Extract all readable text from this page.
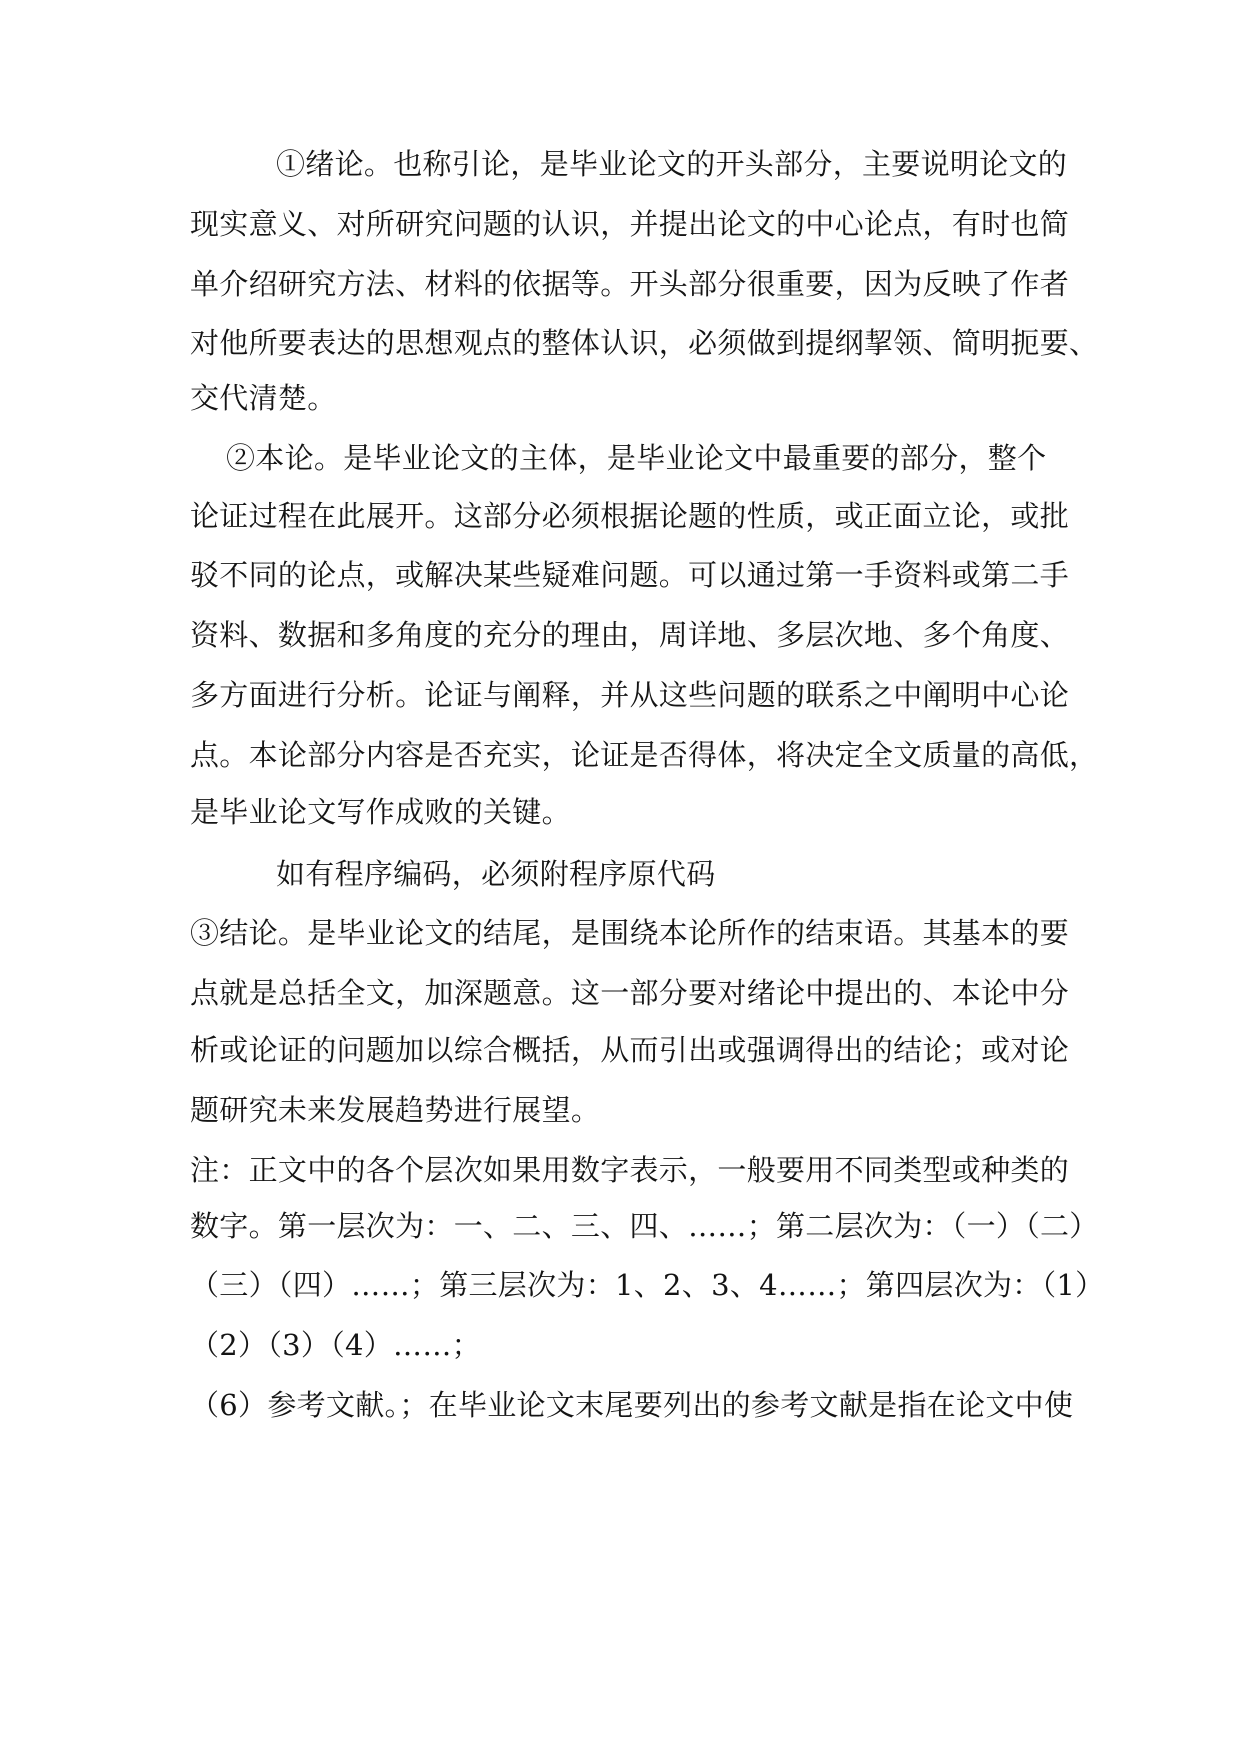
①绪论。也称引论，是毕业论文的开头部分，主要说明论文的
现实意义、对所研究问题的认识，并提出论文的中心论点，有时也简
单介绍研究方法、材料的依据等。开头部分很重要，因为反映了作者
对他所要表达的思想观点的整体认识，必须做到提纲挈领、简明扼要、
交代清楚。
②本论。是毕业论文的主体，是毕业论文中最重要的部分，整个
论证过程在此展开。这部分必须根据论题的性质，或正面立论，或批
驳不同的论点，或解决某些疑难问题。可以通过第一手资料或第二手
资料、数据和多角度的充分的理由，周详地、多层次地、多个角度、
多方面进行分析。论证与阐释，并从这些问题的联系之中阐明中心论
点。本论部分内容是否充实，论证是否得体，将决定全文质量的高低，
是毕业论文写作成败的关键。
如有程序编码，必须附程序原代码
③结论。是毕业论文的结尾，是围绕本论所作的结束语。其基本的要
点就是总括全文，加深题意。这一部分要对绪论中提出的、本论中分
析或论证的问题加以综合概括，从而引出或强调得出的结论；或对论
题研究未来发展趋势进行展望。
注：正文中的各个层次如果用数字表示，一般要用不同类型或种类的
数字。第一层次为：一、二、三、四、……；第二层次为：（一）（二）
（三）（四）……；第三层次为：1、2、3、4……；第四层次为：（1）
（2）（3）（4）……；
（6）参考文献。；在毕业论文末尾要列出的参考文献是指在论文中使
